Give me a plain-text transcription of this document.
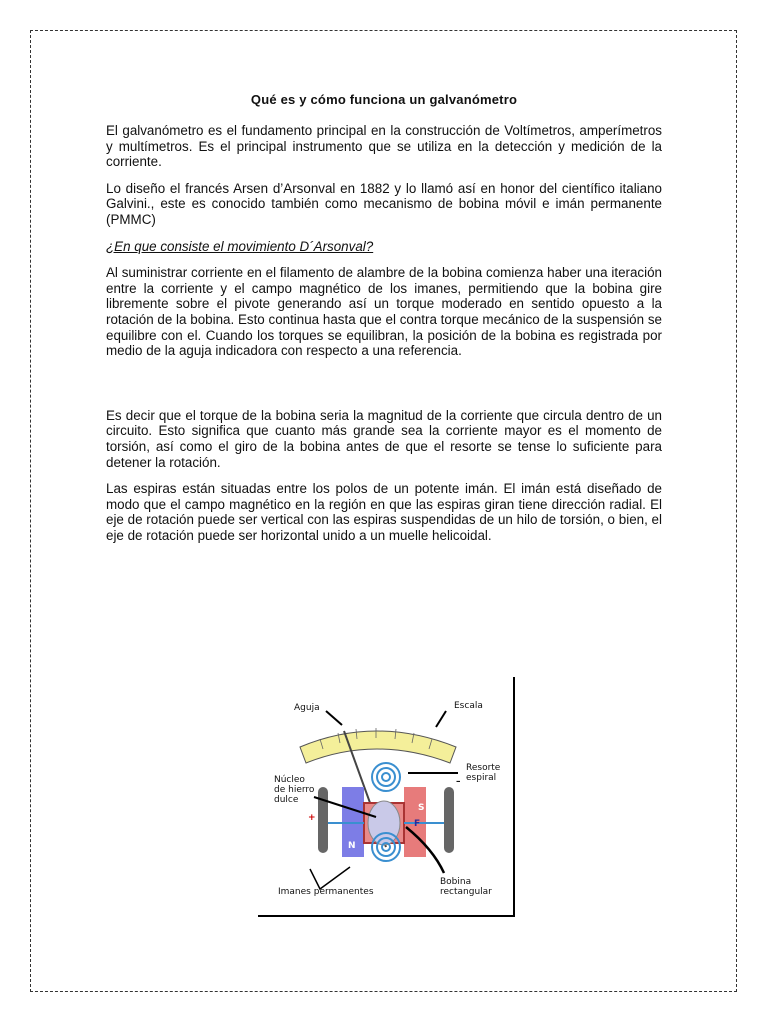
Qué es y cómo funciona un galvanómetro

El galvanómetro es el fundamento principal en la construcción de Voltímetros, amperímetros y multímetros. Es el principal instrumento que se utiliza en la detección y medición de la corriente.

Lo diseño el francés Arsen d’Arsonval en 1882 y lo llamó así en honor del científico italiano Galvini., este es conocido también como mecanismo de bobina móvil e imán permanente (PMMC)

¿En que consiste el movimiento D´Arsonval?

Al suministrar corriente en el filamento de alambre de la bobina comienza haber una iteración entre la corriente y el campo magnético de los imanes, permitiendo que la bobina gire libremente sobre el pivote generando así un torque moderado en sentido opuesto a la rotación de la bobina. Esto continua hasta que el contra torque mecánico de la suspensión se equilibre con el. Cuando los torques se equilibran, la posición de la bobina es registrada por medio de la aguja indicadora con respecto a una referencia.

Es decir que el torque de la bobina seria la magnitud de la corriente que circula dentro de un circuito. Esto significa que cuanto más grande sea la corriente mayor es el momento de torsión, así como el giro de la bobina antes de que el resorte se tense lo suficiente para detener la rotación.

Las espiras están situadas entre los polos de un potente imán. El imán está diseñado de modo que el campo magnético en la región en que las espiras giran tiene dirección radial. El eje de rotación puede ser vertical con las espiras suspendidas de un hilo de torsión, o bien, el eje de rotación puede ser horizontal unido a un muelle helicoidal.

Aguja	Escala
Resorte espiral
Núcleo de hierro dulce
Imanes permanentes
Bobina rectangular
N
S
F
+
–
